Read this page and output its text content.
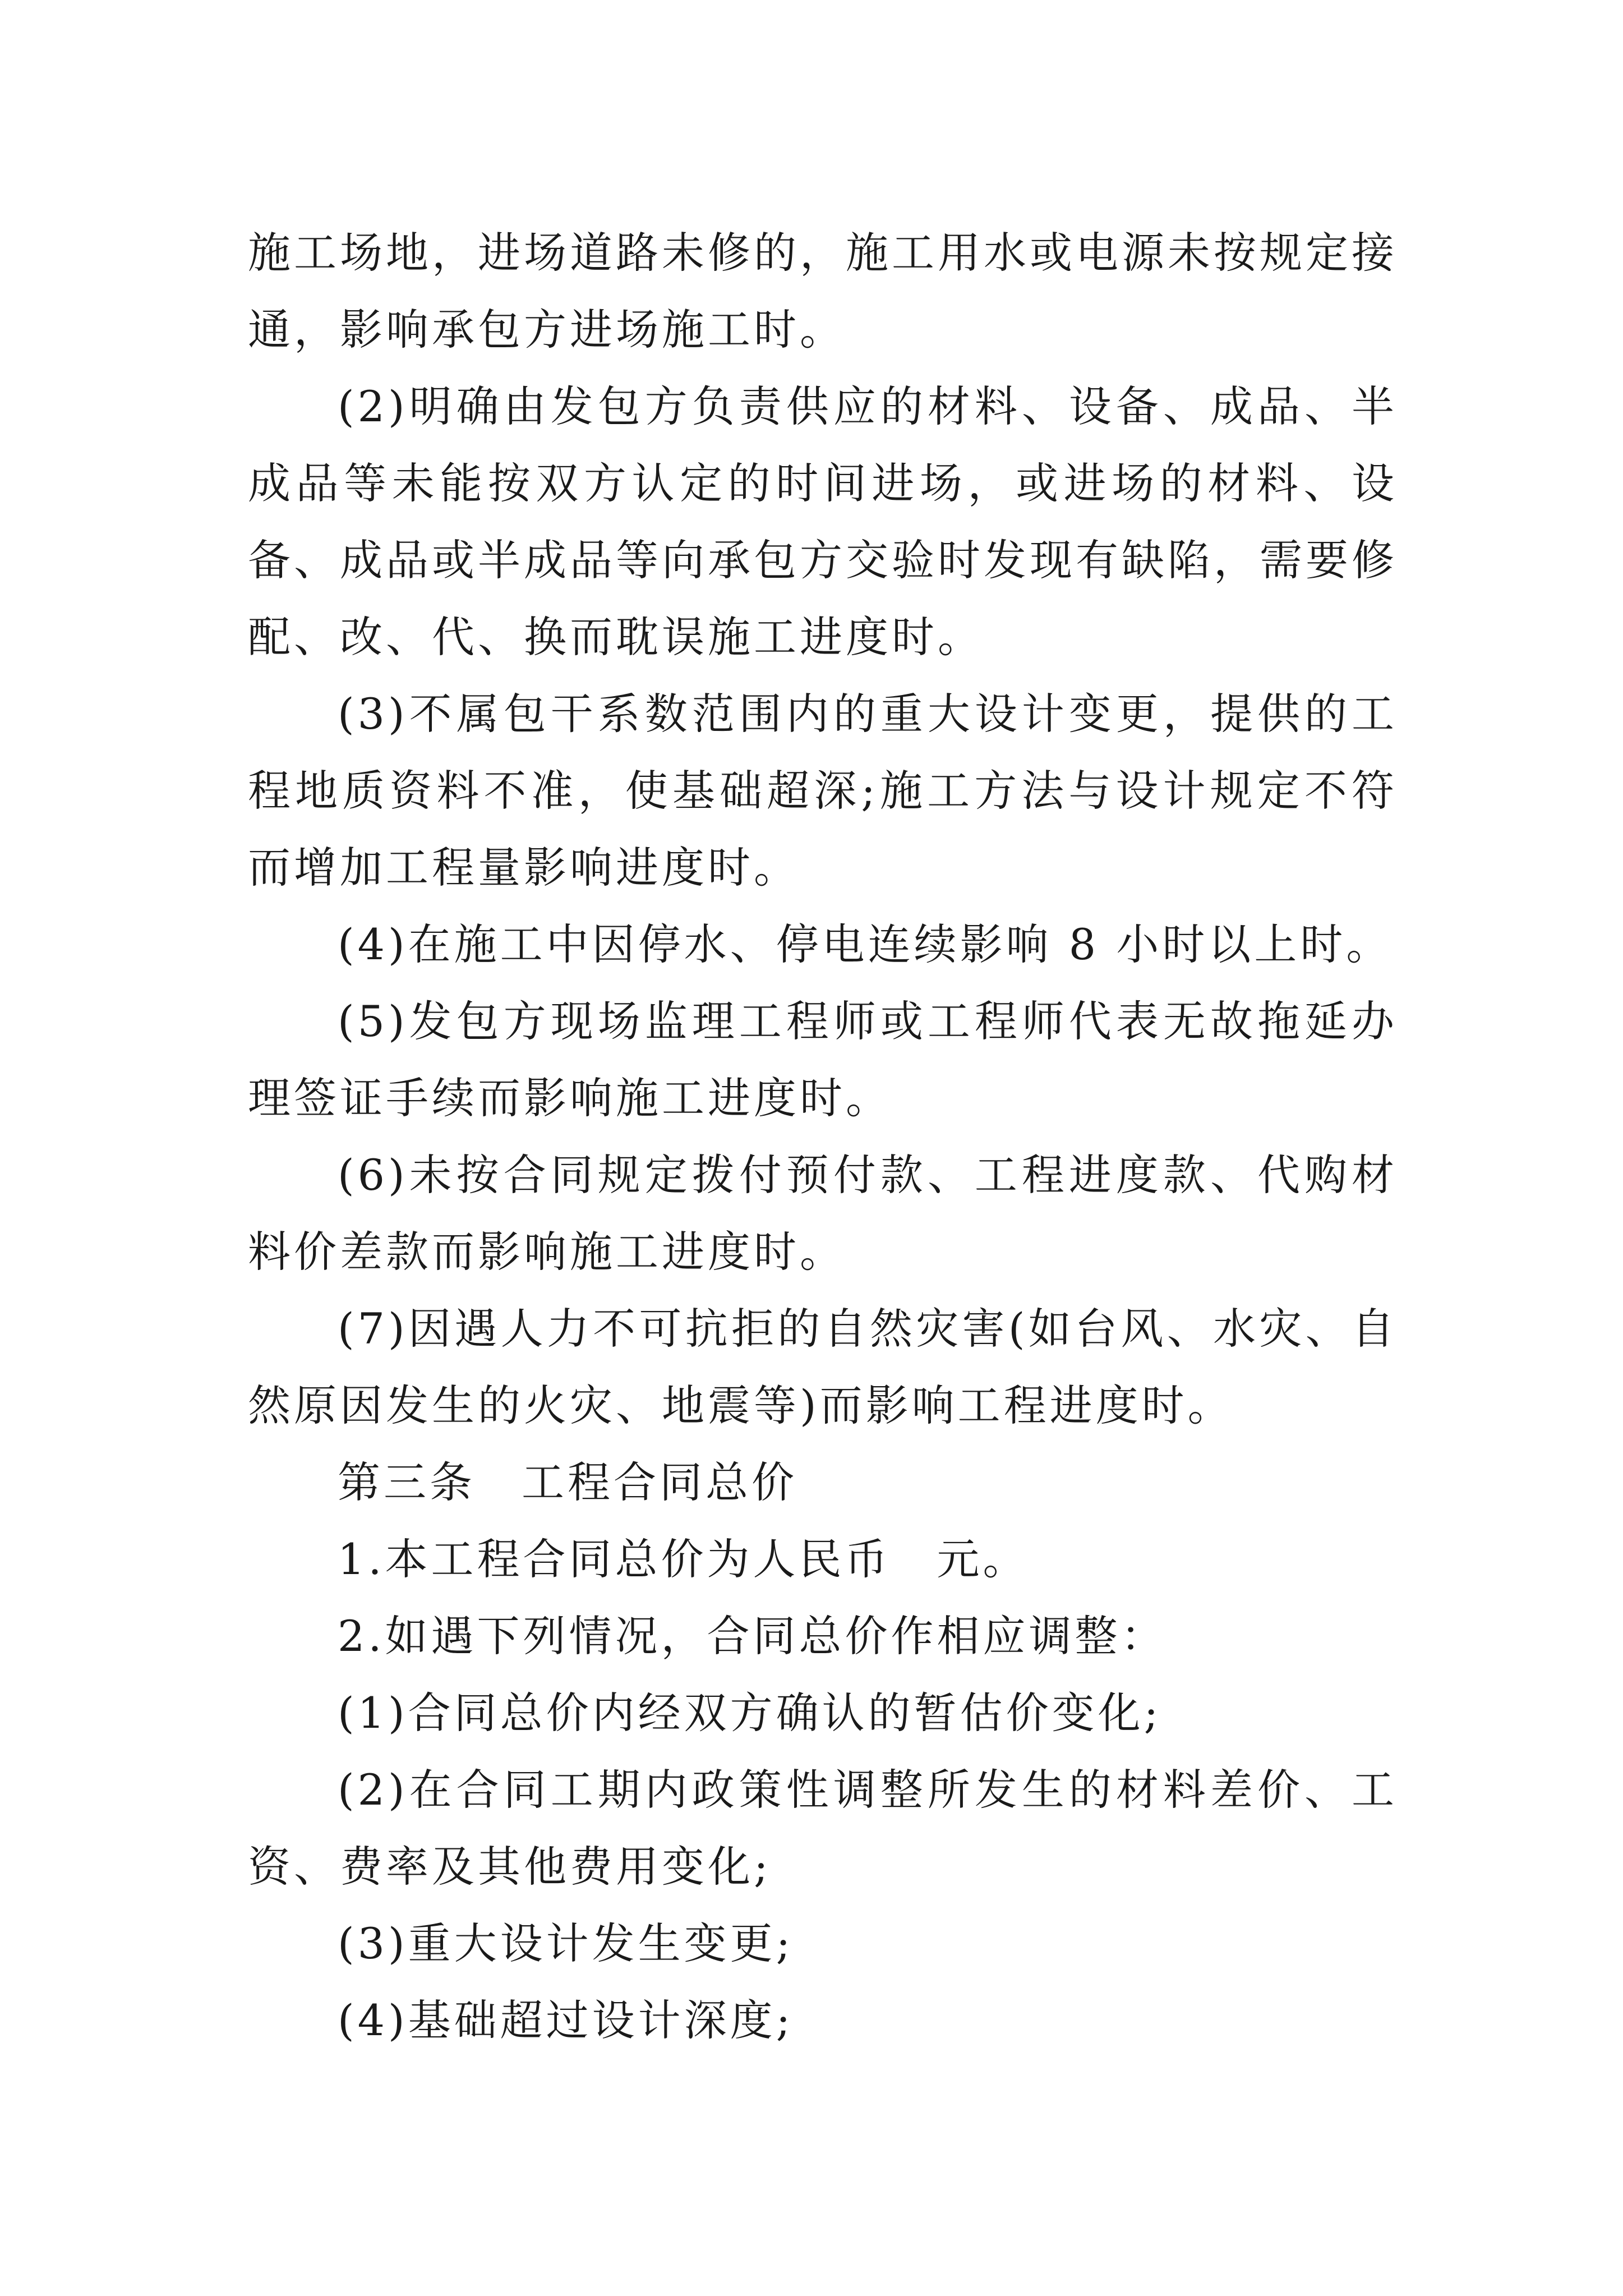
施工场地，进场道路未修的，施工用水或电源未按规定接通，影响承包方进场施工时。

(2)明确由发包方负责供应的材料、设备、成品、半成品等未能按双方认定的时间进场，或进场的材料、设备、成品或半成品等向承包方交验时发现有缺陷，需要修配、改、代、换而耽误施工进度时。

(3)不属包干系数范围内的重大设计变更，提供的工程地质资料不准，使基础超深;施工方法与设计规定不符而增加工程量影响进度时。

(4)在施工中因停水、停电连续影响 8 小时以上时。

(5)发包方现场监理工程师或工程师代表无故拖延办理签证手续而影响施工进度时。

(6)未按合同规定拨付预付款、工程进度款、代购材料价差款而影响施工进度时。

(7)因遇人力不可抗拒的自然灾害(如台风、水灾、自然原因发生的火灾、地震等)而影响工程进度时。

第三条　工程合同总价

1.本工程合同总价为人民币　元。

2.如遇下列情况，合同总价作相应调整：

(1)合同总价内经双方确认的暂估价变化;

(2)在合同工期内政策性调整所发生的材料差价、工资、费率及其他费用变化;

(3)重大设计发生变更;

(4)基础超过设计深度;
